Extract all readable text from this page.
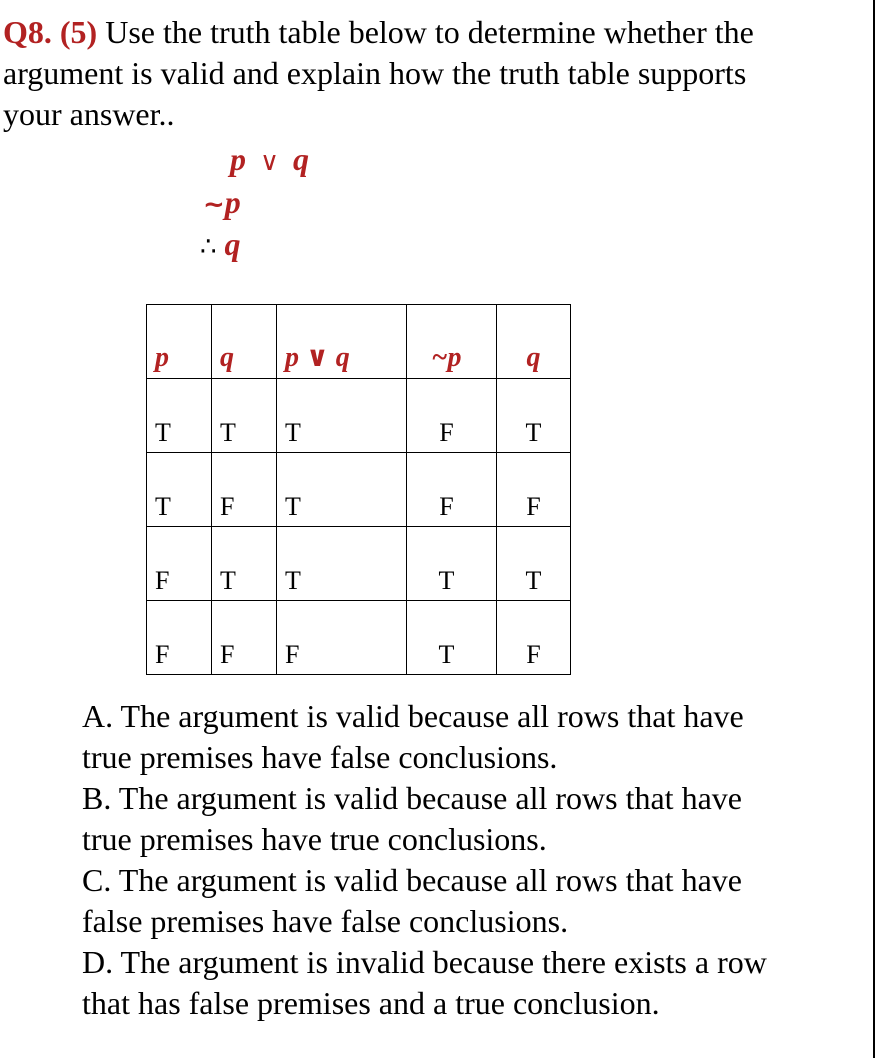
Q8. (5) Use the truth table below to determine whether the
argument is valid and explain how the truth table supports
your answer..
p ∨ q
~p
∴ q
p	q	p ∨ q	~p	q
T	T	T	F	T
T	F	T	F	F
F	T	T	T	T
F	F	F	T	F
A. The argument is valid because all rows that have
true premises have false conclusions.
B. The argument is valid because all rows that have
true premises have true conclusions.
C. The argument is valid because all rows that have
false premises have false conclusions.
D. The argument is invalid because there exists a row
that has false premises and a true conclusion.
